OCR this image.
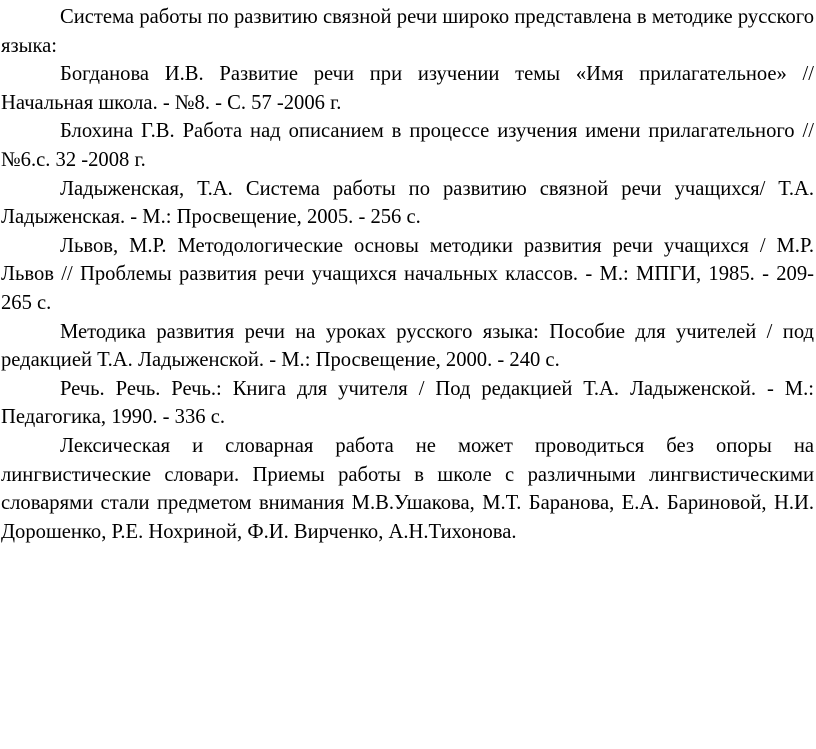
Система работы по развитию связной речи широко представлена в методике русского языка:

Богданова И.В. Развитие речи при изучении темы «Имя прилагательное» // Начальная школа. - №8. - С. 57 -2006 г.

Блохина Г.В. Работа над описанием в процессе изучения имени прилагательного // №6.с. 32 -2008 г.

Ладыженская, Т.А. Система работы по развитию связной речи учащихся/ Т.А. Ладыженская. - М.: Просвещение, 2005. - 256 с.

Львов, М.Р. Методологические основы методики развития речи учащихся / М.Р. Львов // Проблемы развития речи учащихся начальных классов. - М.: МПГИ, 1985. - 209-265 с.

Методика развития речи на уроках русского языка: Пособие для учителей / под редакцией Т.А. Ладыженской. - М.: Просвещение, 2000. - 240 с.

Речь. Речь. Речь.: Книга для учителя / Под редакцией Т.А. Ладыженской. - М.: Педагогика, 1990. - 336 с.

Лексическая и словарная работа не может проводиться без опоры на лингвистические словари. Приемы работы в школе с различными лингвистическими словарями стали предметом внимания М.В.Ушакова, М.Т. Баранова, Е.А. Бариновой, Н.И. Дорошенко, Р.Е. Нохриной, Ф.И. Вирченко, А.Н.Тихонова.
